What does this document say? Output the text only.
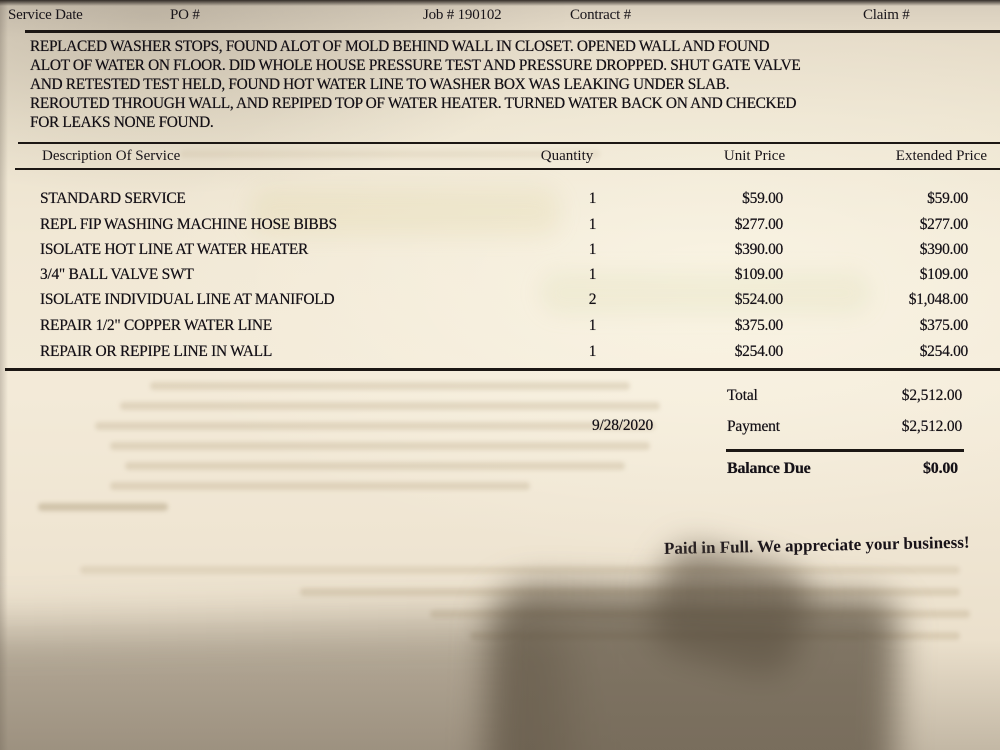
Service Date	PO #	Job # 190102	Contract #	Claim #
REPLACED WASHER STOPS, FOUND ALOT OF MOLD BEHIND WALL IN CLOSET. OPENED WALL AND FOUND
ALOT OF WATER ON FLOOR. DID WHOLE HOUSE PRESSURE TEST AND PRESSURE DROPPED. SHUT GATE VALVE
AND RETESTED TEST HELD, FOUND HOT WATER LINE TO WASHER BOX WAS LEAKING UNDER SLAB.
REROUTED THROUGH WALL, AND REPIPED TOP OF WATER HEATER. TURNED WATER BACK ON AND CHECKED
FOR LEAKS NONE FOUND.
Description Of Service	Quantity	Unit Price	Extended Price
STANDARD SERVICE	1	$59.00	$59.00
REPL FIP WASHING MACHINE HOSE BIBBS	1	$277.00	$277.00
ISOLATE HOT LINE AT WATER HEATER	1	$390.00	$390.00
3/4" BALL VALVE SWT	1	$109.00	$109.00
ISOLATE INDIVIDUAL LINE AT MANIFOLD	2	$524.00	$1,048.00
REPAIR 1/2" COPPER WATER LINE	1	$375.00	$375.00
REPAIR OR REPIPE LINE IN WALL	1	$254.00	$254.00
9/28/2020
Total	$2,512.00
Payment	$2,512.00
Balance Due	$0.00
Paid in Full. We appreciate your business!
